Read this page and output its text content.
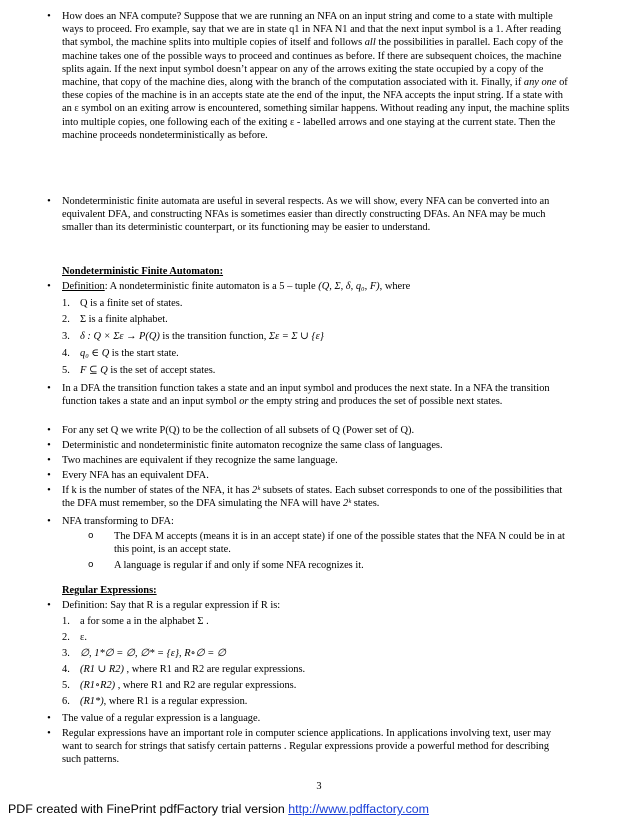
•	How does an NFA compute? Suppose that we are running an NFA on an input string and come to a state with multiple ways to proceed. Fro example, say that we are in state q1 in NFA N1 and that the next input symbol is a 1. After reading that symbol, the machine splits into multiple copies of itself and follows all the possibilities in parallel. Each copy of the machine takes one of the possible ways to proceed and continues as before. If there are subsequent choices, the machine splits again. If the next input symbol doesn’t appear on any of the arrows exiting the state occupied by a copy of the machine, that copy of the machine dies, along with the branch of the computation associated with it. Finally, if any one of these copies of the machine is in an accepts state ate the end of the input, the NFA accepts the input string. If a state with an ε symbol on an exiting arrow is encountered, something similar happens. Without reading any input, the machine splits into multiple copies, one following each of the exiting ε - labelled arrows and one staying at the current state. Then the machine proceeds nondeterministically as before.
•	Nondeterministic finite automata are useful in several respects. As we will show, every NFA can be converted into an equivalent DFA, and constructing NFAs is sometimes easier than directly constructing DFAs. An NFA may be much smaller than its deterministic counterpart, or its functioning may be easier to understand.
Nondeterministic Finite Automaton:
•	Definition: A nondeterministic finite automaton is a 5 – tuple (Q, Σ, δ, q₀, F), where
1. Q is a finite set of states.
2. Σ is a finite alphabet.
3. δ : Q × Σε → P(Q) is the transition function, Σε = Σ ∪ {ε}
4. q₀ ∈ Q is the start state.
5. F ⊆ Q is the set of accept states.
•	In a DFA the transition function takes a state and an input symbol and produces the next state. In a NFA the transition function takes a state and an input symbol or the empty string and produces the set of possible next states.
•	For any set Q we write P(Q) to be the collection of all subsets of Q (Power set of Q).
•	Deterministic and nondeterministic finite automaton recognize the same class of languages.
•	Two machines are equivalent if they recognize the same language.
•	Every NFA has an equivalent DFA.
•	If k is the number of states of the NFA, it has 2ᵏ subsets of states. Each subset corresponds to one of the possibilities that the DFA must remember, so the DFA simulating the NFA will have 2ᵏ states.
•	NFA transforming to DFA:
o The DFA M accepts (means it is in an accept state) if one of the possible states that the NFA N could be in at this point, is an accept state.
o A language is regular if and only if some NFA recognizes it.
Regular Expressions:
•	Definition: Say that R is a regular expression if R is:
1. a for some a in the alphabet Σ .
2. ε.
3. ∅, 1*∅ = ∅, ∅* = {ε}, R∘∅ = ∅
4. (R1 ∪ R2) , where R1 and R2 are regular expressions.
5. (R1∘R2) , where R1 and R2 are regular expressions.
6. (R1*), where R1 is a regular expression.
•	The value of a regular expression is a language.
•	Regular expressions have an important role in computer science applications. In applications involving text, user may want to search for strings that satisfy certain patterns . Regular expressions provide a powerful method for describing such patterns.
3
PDF created with FinePrint pdfFactory trial version http://www.pdffactory.com
